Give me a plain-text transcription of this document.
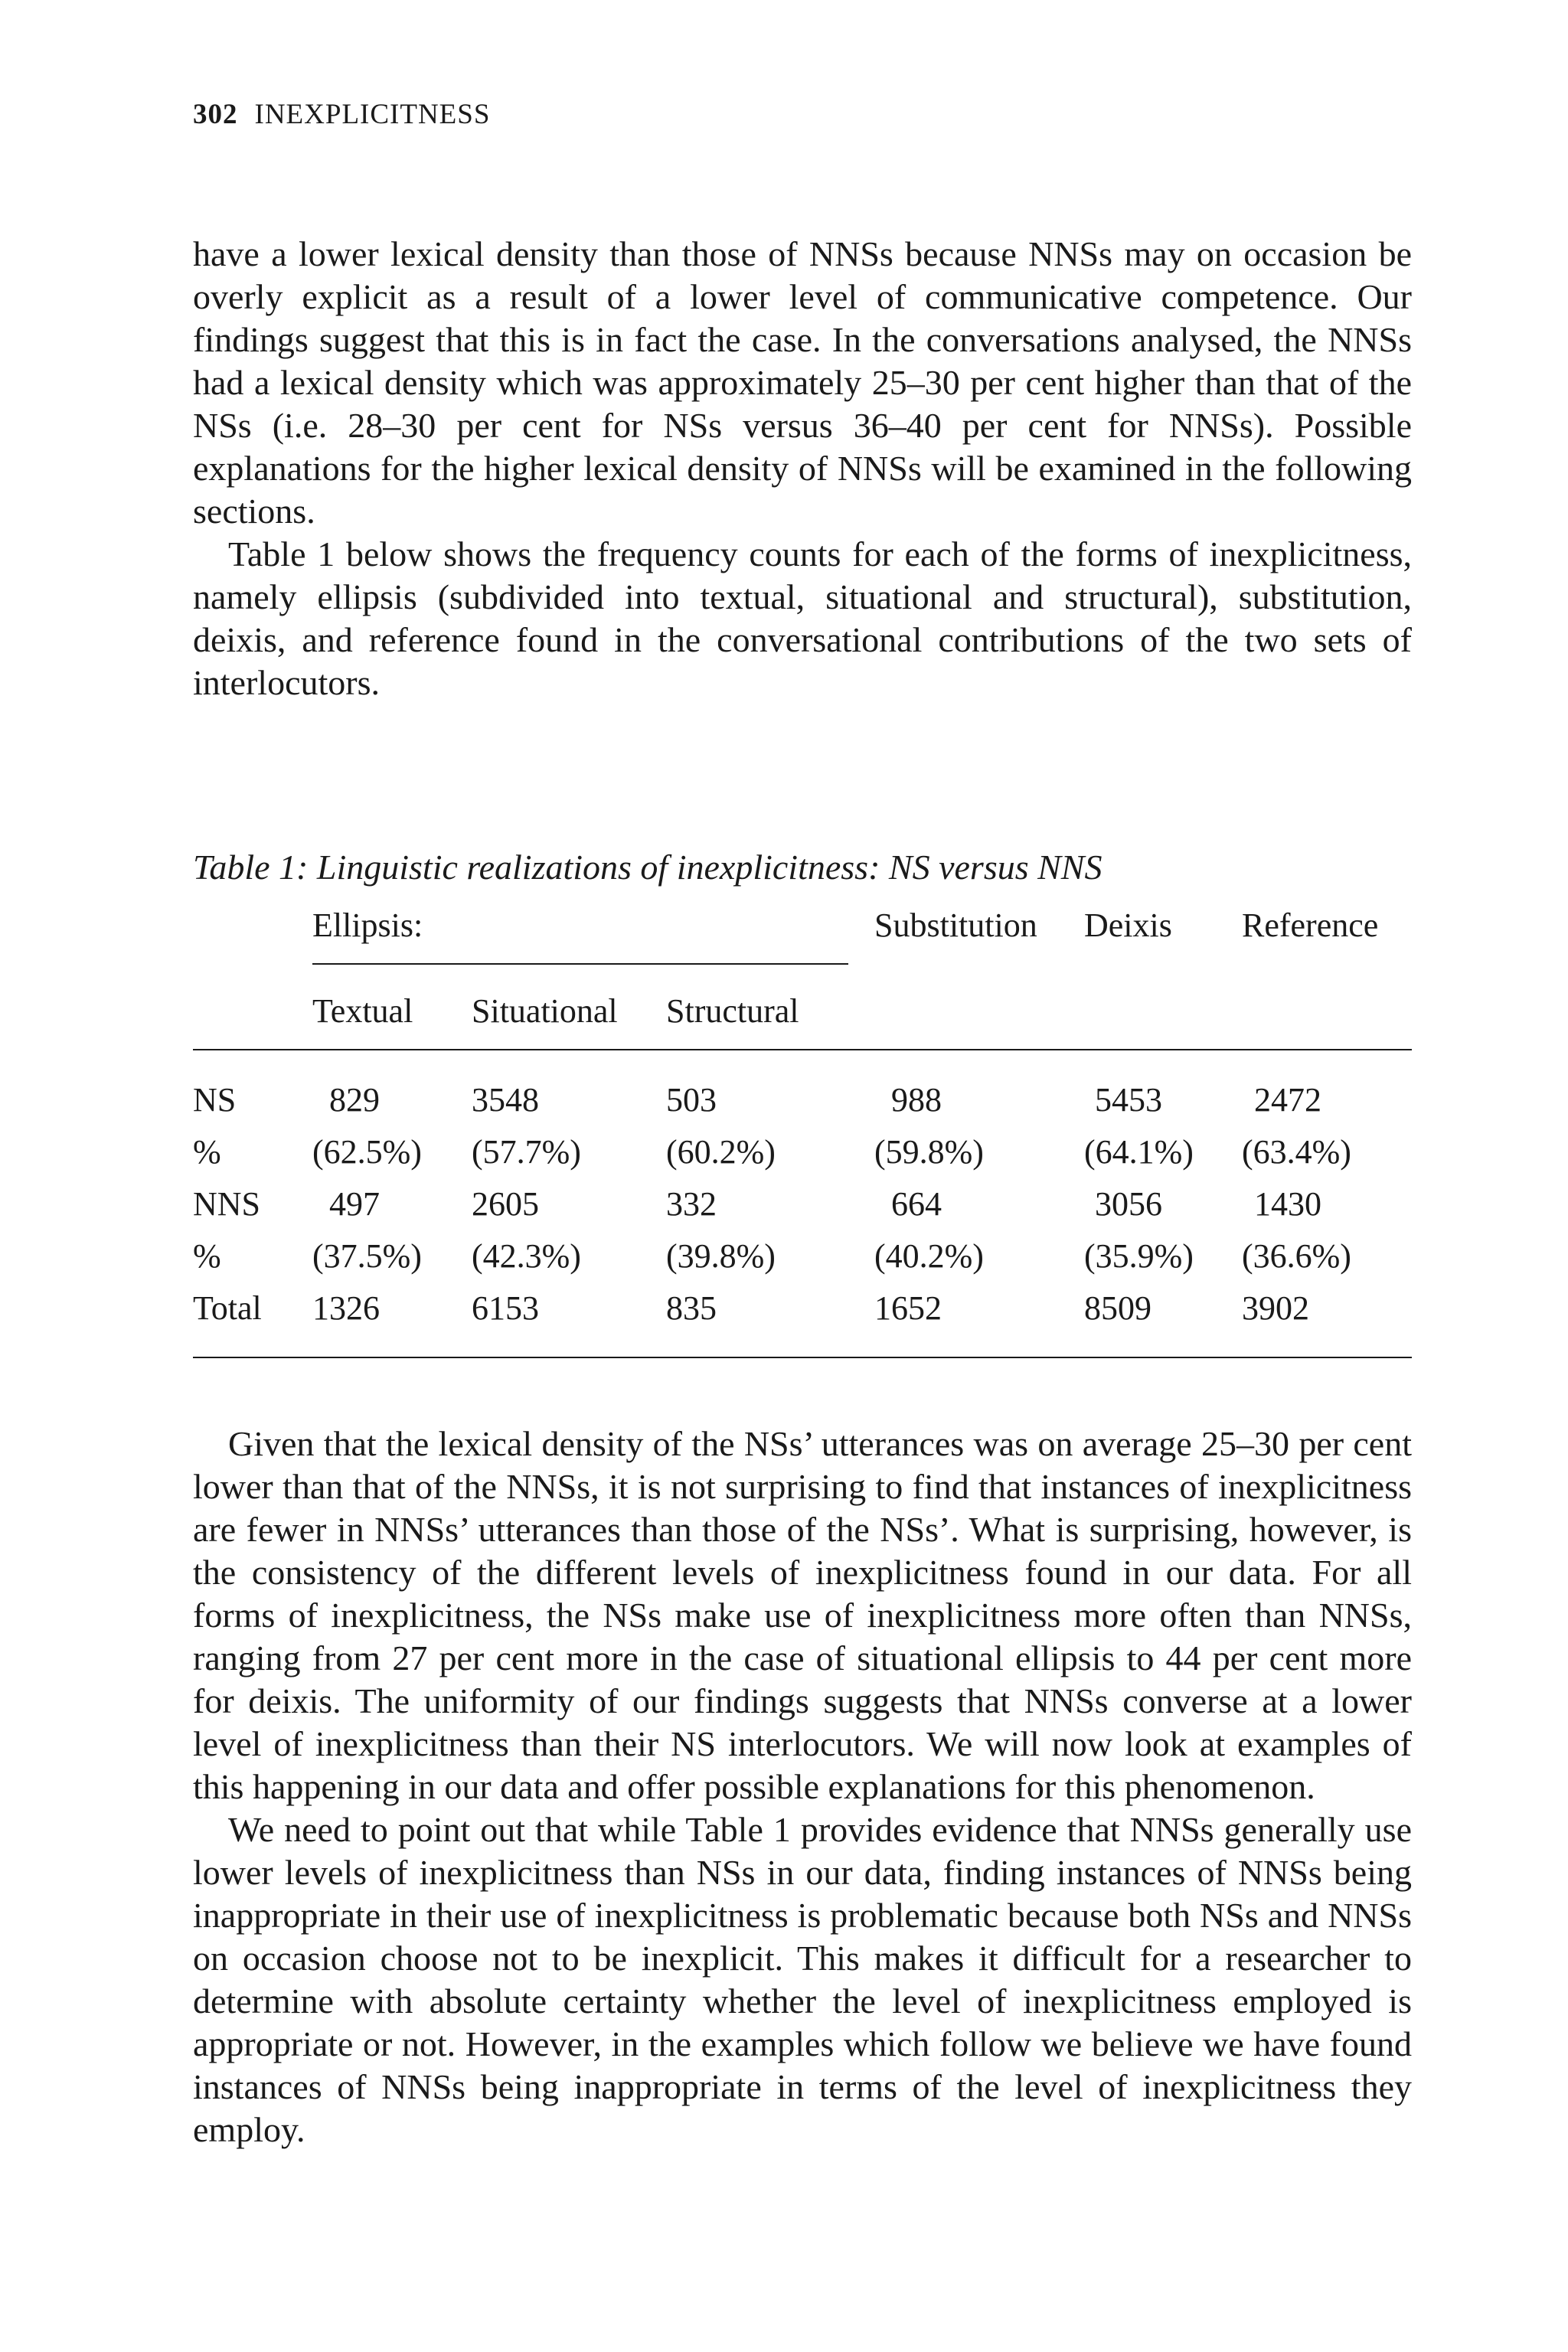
302 INEXPLICITNESS

have a lower lexical density than those of NNSs because NNSs may on occasion be overly explicit as a result of a lower level of communicative competence. Our findings suggest that this is in fact the case. In the conversations analysed, the NNSs had a lexical density which was approximately 25–30 per cent higher than that of the NSs (i.e. 28–30 per cent for NSs versus 36–40 per cent for NNSs). Possible explanations for the higher lexical density of NNSs will be examined in the following sections.

Table 1 below shows the frequency counts for each of the forms of inexplicitness, namely ellipsis (subdivided into textual, situational and structural), substitution, deixis, and reference found in the conversational contributions of the two sets of interlocutors.

Table 1: Linguistic realizations of inexplicitness: NS versus NNS

Ellipsis:	Substitution Deixis Reference
Textual Situational Structural
NS	829	3548	503	988	5453	2472
%	(62.5%) (57.7%)	(60.2%)	(59.8%)	(64.1%) (63.4%)
NNS 497	2605	332	664	3056	1430
%	(37.5%) (42.3%)	(39.8%)	(40.2%)	(35.9%) (36.6%)
Total 1326	6153	835	1652	8509	3902

Given that the lexical density of the NSs’ utterances was on average 25–30 per cent lower than that of the NNSs, it is not surprising to find that instances of inexplicitness are fewer in NNSs’ utterances than those of the NSs’. What is surprising, however, is the consistency of the different levels of inexplicitness found in our data. For all forms of inexplicitness, the NSs make use of inexplicitness more often than NNSs, ranging from 27 per cent more in the case of situational ellipsis to 44 per cent more for deixis. The uniformity of our findings suggests that NNSs converse at a lower level of inexplicitness than their NS interlocutors. We will now look at examples of this happening in our data and offer possible explanations for this phenomenon.

We need to point out that while Table 1 provides evidence that NNSs generally use lower levels of inexplicitness than NSs in our data, finding instances of NNSs being inappropriate in their use of inexplicitness is problematic because both NSs and NNSs on occasion choose not to be inexplicit. This makes it difficult for a researcher to determine with absolute certainty whether the level of inexplicitness employed is appropriate or not. However, in the examples which follow we believe we have found instances of NNSs being inappropriate in terms of the level of inexplicitness they employ.
